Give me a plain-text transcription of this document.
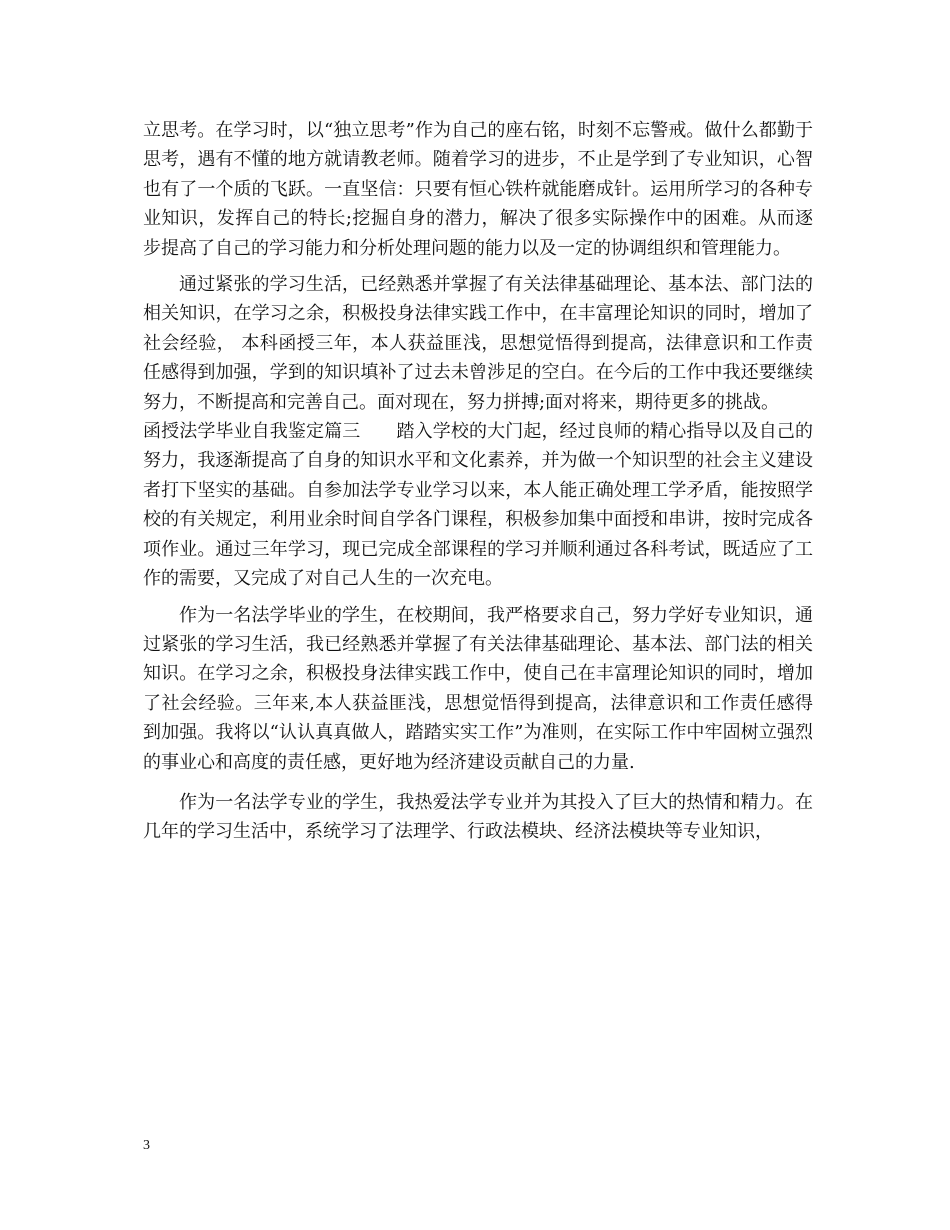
立思考。在学习时，以“独立思考”作为自己的座右铭，时刻不忘警戒。做什么都勤于思考，遇有不懂的地方就请教老师。随着学习的进步，不止是学到了专业知识，心智也有了一个质的飞跃。一直坚信：只要有恒心铁杵就能磨成针。运用所学习的各种专业知识，发挥自己的特长;挖掘自身的潜力，解决了很多实际操作中的困难。从而逐步提高了自己的学习能力和分析处理问题的能力以及一定的协调组织和管理能力。

通过紧张的学习生活，已经熟悉并掌握了有关法律基础理论、基本法、部门法的相关知识，在学习之余，积极投身法律实践工作中，在丰富理论知识的同时，增加了社会经验， 本科函授三年，本人获益匪浅，思想觉悟得到提高，法律意识和工作责任感得到加强，学到的知识填补了过去未曾涉足的空白。在今后的工作中我还要继续努力，不断提高和完善自己。面对现在，努力拼搏;面对将来，期待更多的挑战。

函授法学毕业自我鉴定篇三　　踏入学校的大门起，经过良师的精心指导以及自己的努力，我逐渐提高了自身的知识水平和文化素养，并为做一个知识型的社会主义建设者打下坚实的基础。自参加法学专业学习以来，本人能正确处理工学矛盾，能按照学校的有关规定，利用业余时间自学各门课程，积极参加集中面授和串讲，按时完成各项作业。通过三年学习，现已完成全部课程的学习并顺利通过各科考试，既适应了工作的需要，又完成了对自己人生的一次充电。

作为一名法学毕业的学生，在校期间，我严格要求自己，努力学好专业知识，通过紧张的学习生活，我已经熟悉并掌握了有关法律基础理论、基本法、部门法的相关知识。在学习之余，积极投身法律实践工作中，使自己在丰富理论知识的同时，增加了社会经验。三年来,本人获益匪浅，思想觉悟得到提高，法律意识和工作责任感得到加强。我将以“认认真真做人，踏踏实实工作”为准则，在实际工作中牢固树立强烈的事业心和高度的责任感，更好地为经济建设贡献自己的力量.

作为一名法学专业的学生，我热爱法学专业并为其投入了巨大的热情和精力。在几年的学习生活中，系统学习了法理学、行政法模块、经济法模块等专业知识，

3
